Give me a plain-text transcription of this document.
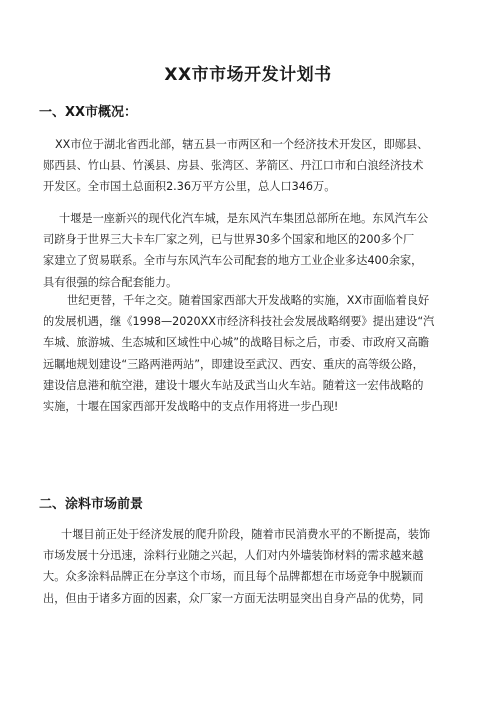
XX市市场开发计划书
一、XX市概况：
XX市位于湖北省西北部，辖五县一市两区和一个经济技术开发区，即郧县、
郧西县、竹山县、竹溪县、房县、张湾区、茅箭区、丹江口市和白浪经济技术
开发区。全市国土总面积2.36万平方公里，总人口346万。
十堰是一座新兴的现代化汽车城，是东风汽车集团总部所在地。东风汽车公
司跻身于世界三大卡车厂家之列，已与世界30多个国家和地区的200多个厂
家建立了贸易联系。全市与东风汽车公司配套的地方工业企业多达400余家，
具有很强的综合配套能力。
世纪更替，千年之交。随着国家西部大开发战略的实施，XX市面临着良好
的发展机遇，继《1998—2020XX市经济科技社会发展战略纲要》提出建设“汽
车城、旅游城、生态城和区域性中心城”的战略目标之后，市委、市政府又高瞻
远瞩地规划建设“三路两港两站”，即建设至武汉、西安、重庆的高等级公路，
建设信息港和航空港，建设十堰火车站及武当山火车站。随着这一宏伟战略的
实施，十堰在国家西部开发战略中的支点作用将进一步凸现!
二、涂料市场前景
十堰目前正处于经济发展的爬升阶段，随着市民消费水平的不断提高，装饰
市场发展十分迅速，涂料行业随之兴起，人们对内外墙装饰材料的需求越来越
大。众多涂料品牌正在分享这个市场，而且每个品牌都想在市场竞争中脱颖而
出，但由于诸多方面的因素，众厂家一方面无法明显突出自身产品的优势，同
